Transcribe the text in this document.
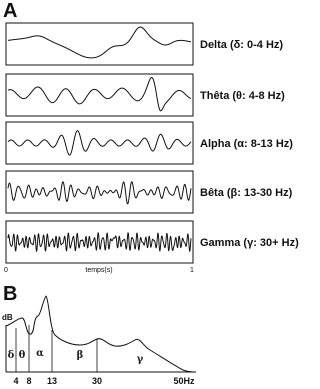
A
Delta (δ: 0-4 Hz)
Thêta (θ: 4-8 Hz)
Alpha (α: 8-13 Hz)
Bêta (β: 13-30 Hz)
Gamma (γ: 30+ Hz)
0	temps(s)	1
B
dB
δ θ α	β	γ
4 8 13	30	50Hz
